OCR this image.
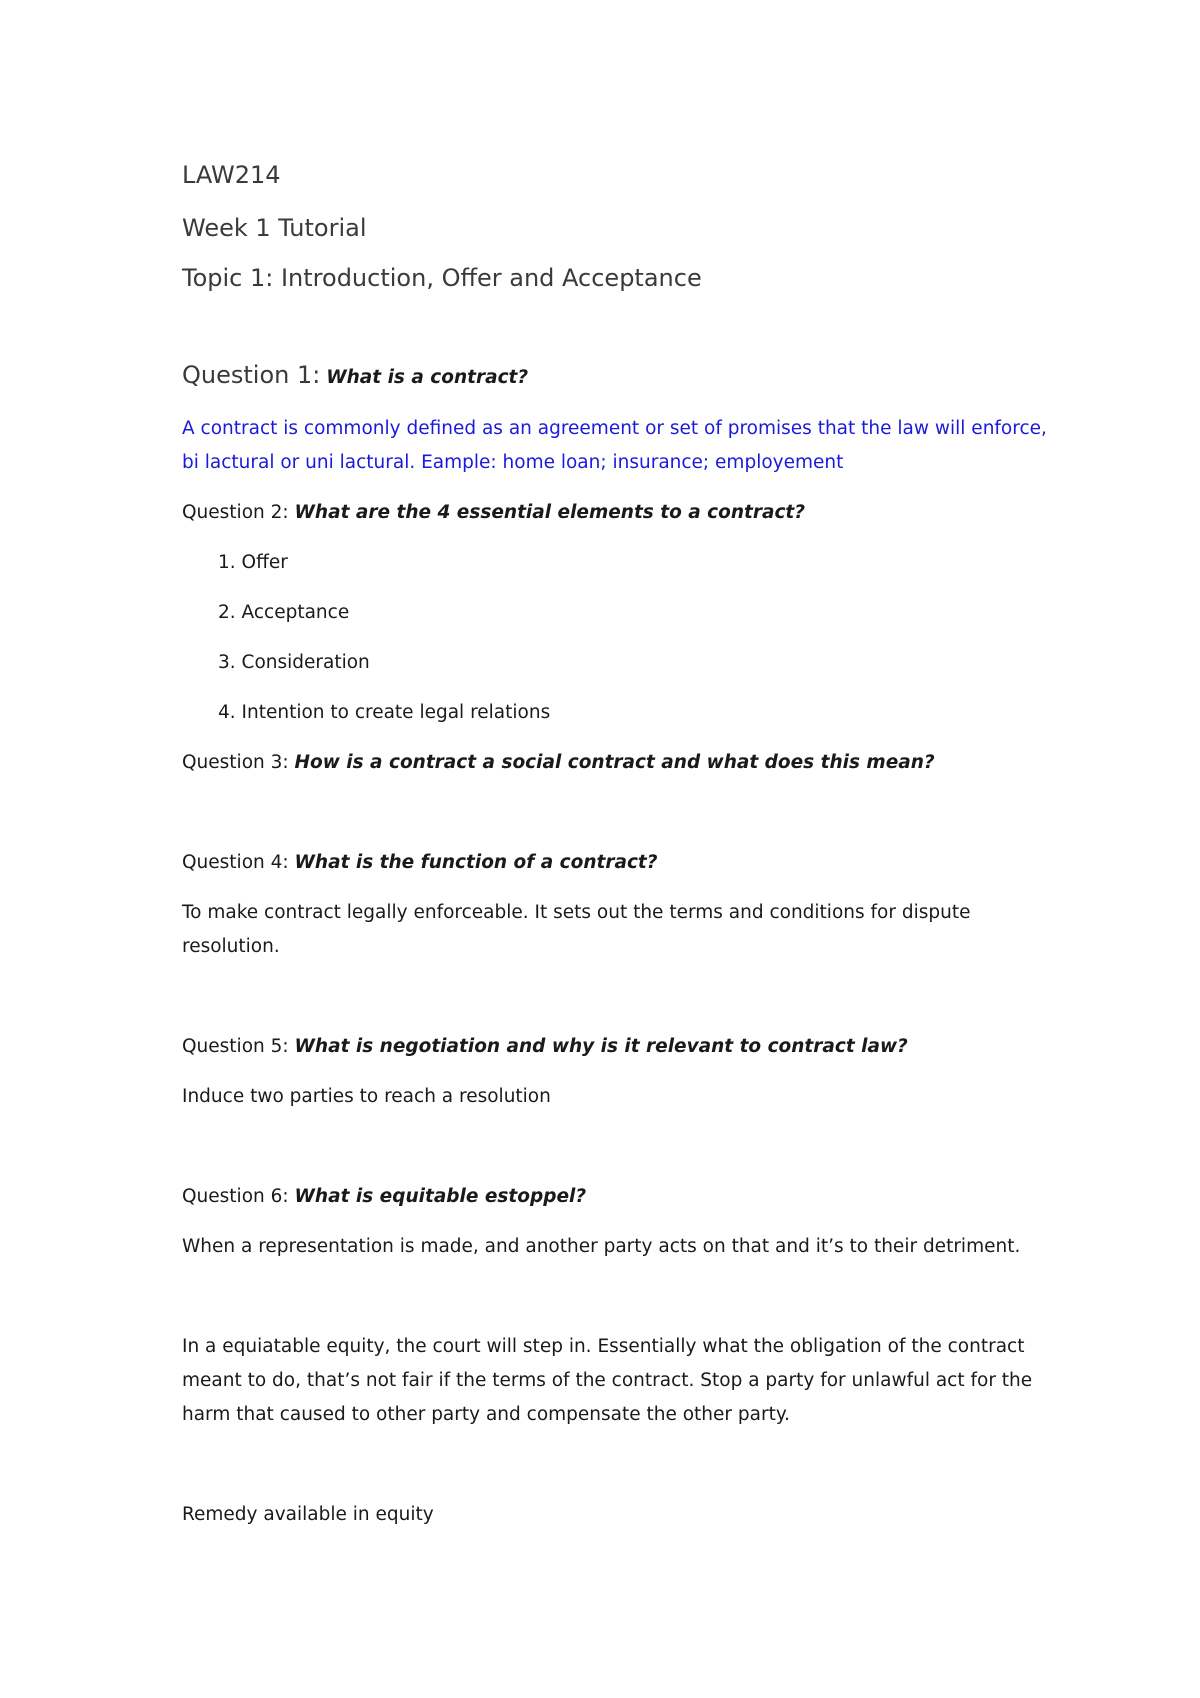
LAW214
Week 1 Tutorial
Topic 1: Introduction, Offer and Acceptance
Question 1: What is a contract?
A contract is commonly defined as an agreement or set of promises that the law will enforce,
bi lactural or uni lactural. Eample: home loan; insurance; employement
Question 2: What are the 4 essential elements to a contract?
1. Offer
2. Acceptance
3. Consideration
4. Intention to create legal relations
Question 3: How is a contract a social contract and what does this mean?
Question 4: What is the function of a contract?
To make contract legally enforceable. It sets out the terms and conditions for dispute
resolution.
Question 5: What is negotiation and why is it relevant to contract law?
Induce two parties to reach a resolution
Question 6: What is equitable estoppel?
When a representation is made, and another party acts on that and it’s to their detriment.
In a equiatable equity, the court will step in. Essentially what the obligation of the contract
meant to do, that’s not fair if the terms of the contract. Stop a party for unlawful act for the
harm that caused to other party and compensate the other party.
Remedy available in equity
